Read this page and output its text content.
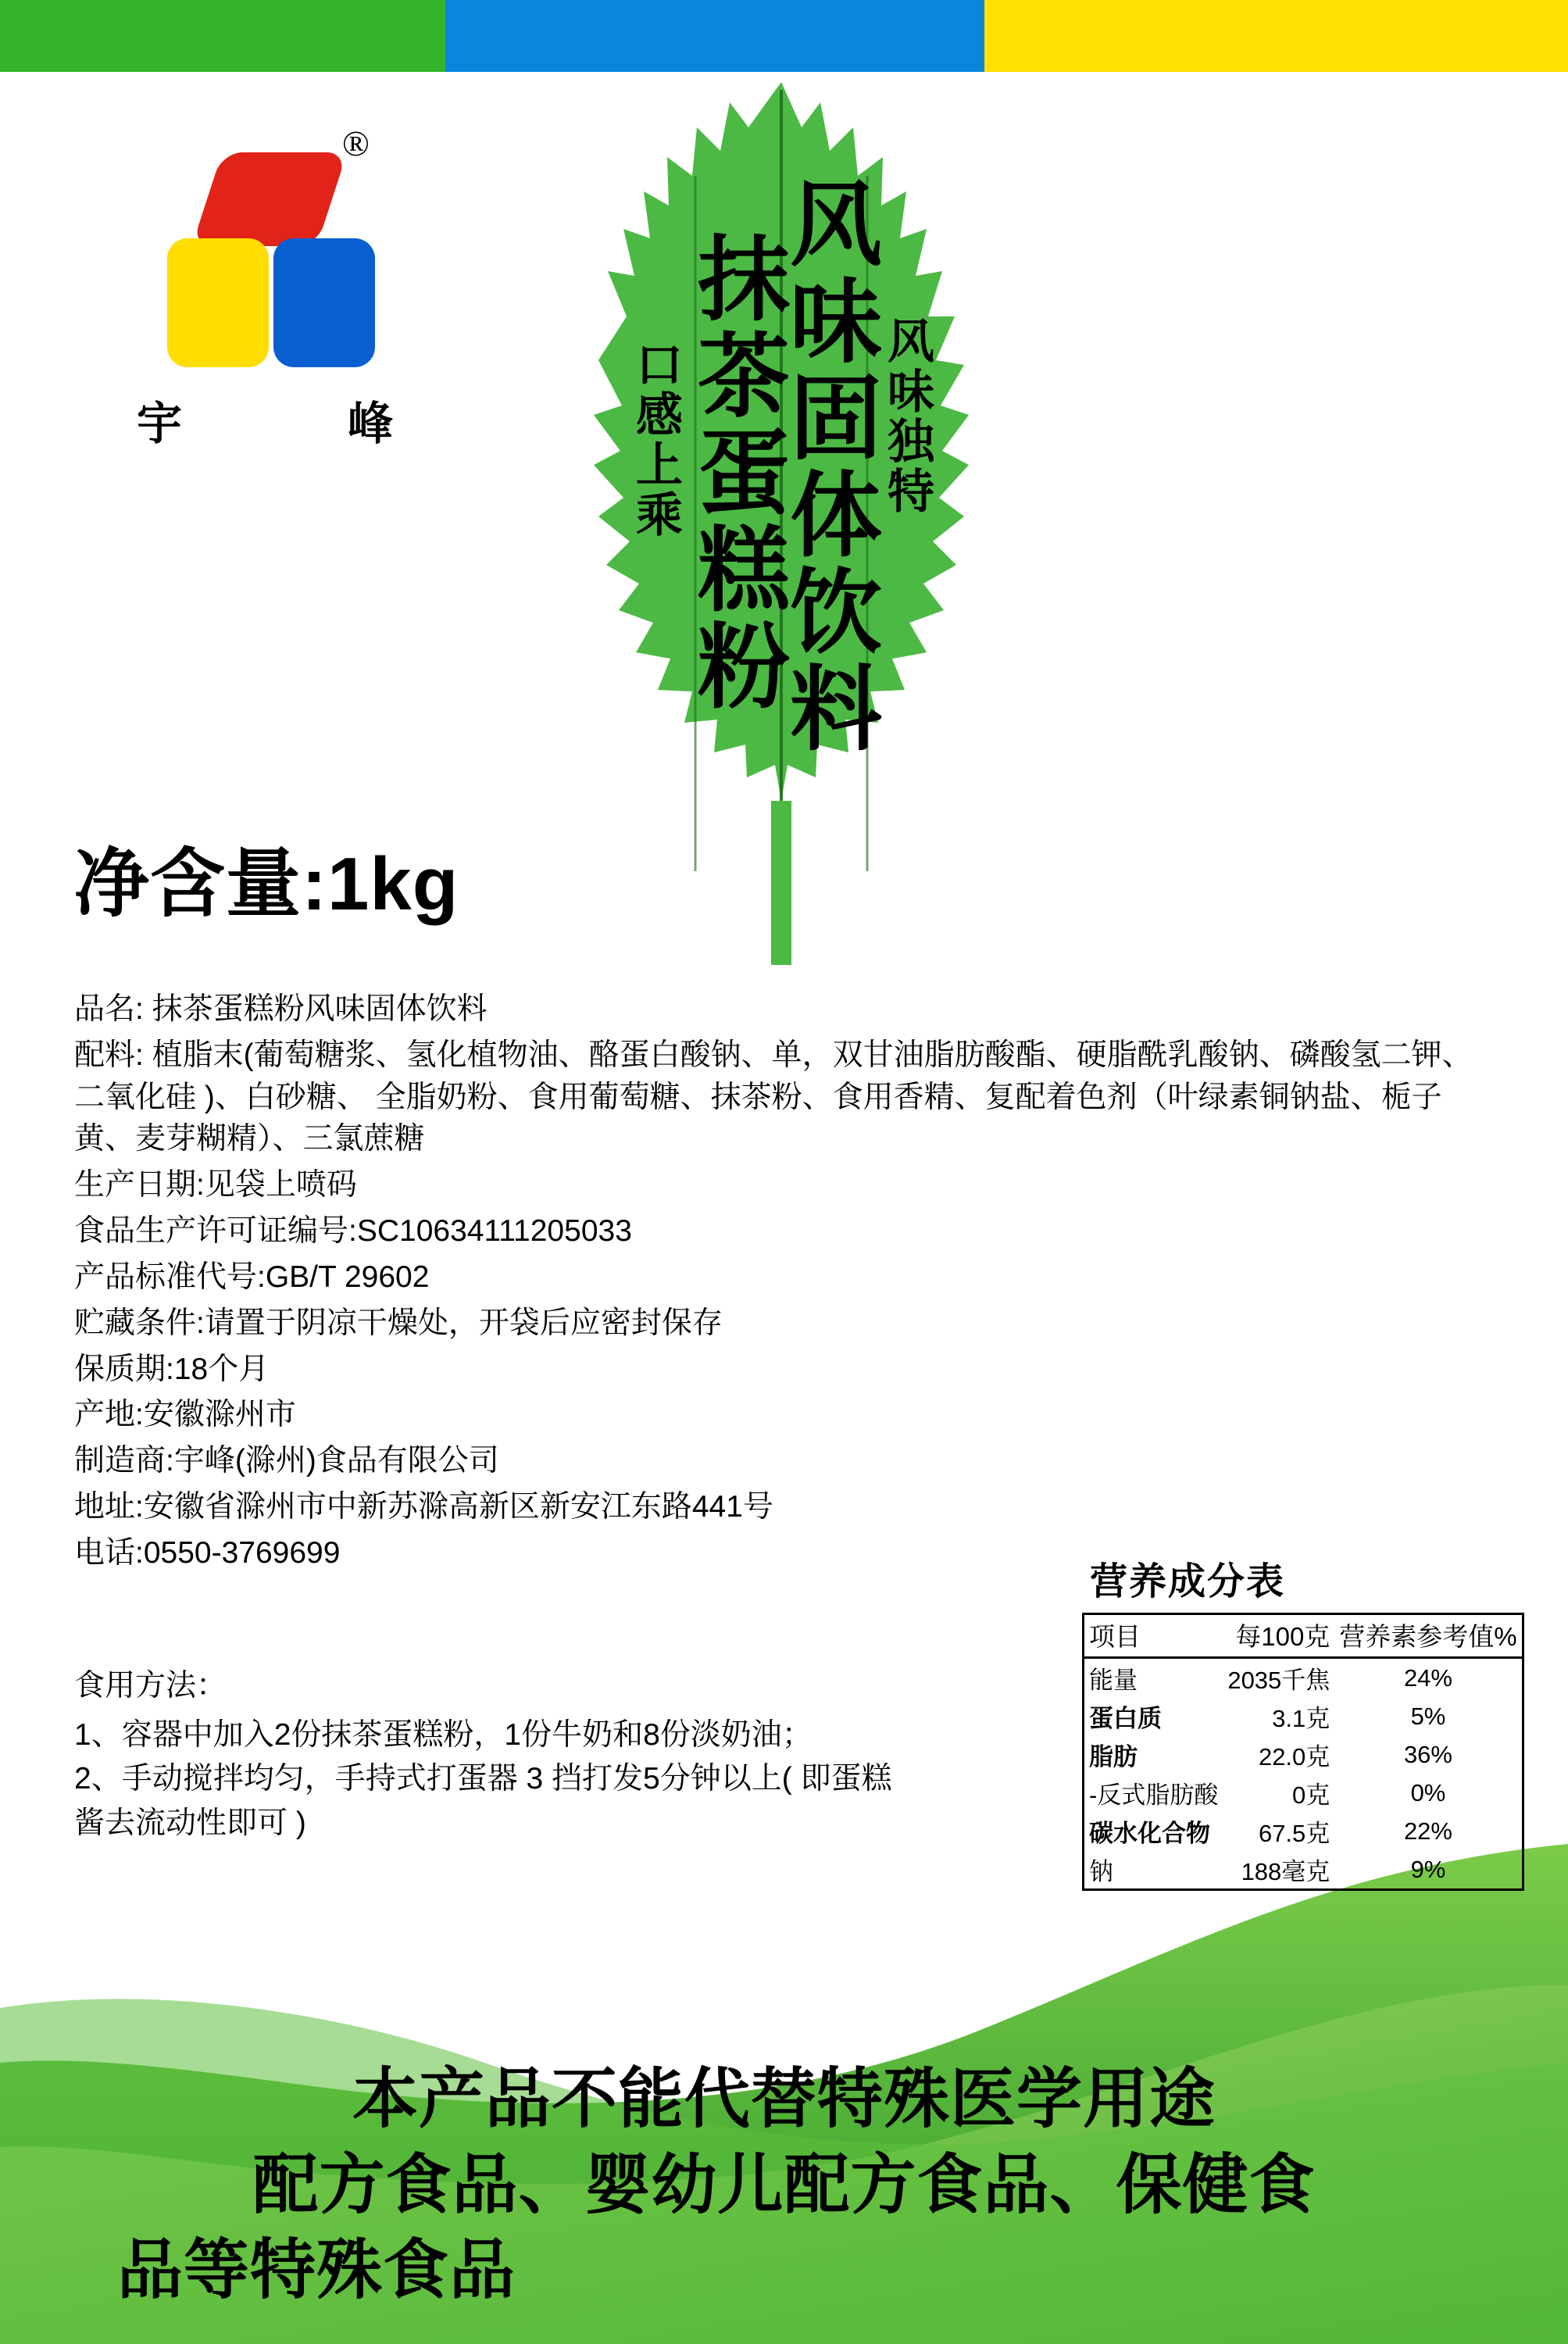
®
宇	峰	风味独特
风味固体饮料
抹茶蛋糕粉
口感上乘
净含量:1kg
品名: 抹茶蛋糕粉风味固体饮料
配料: 植脂末(葡萄糖浆、氢化植物油、酪蛋白酸钠、单，双甘油脂肪酸酯、硬脂酰乳酸钠、磷酸氢二钾、二氧化硅 )、白砂糖、 全脂奶粉、食用葡萄糖、抹茶粉、食用香精、复配着色剂（叶绿素铜钠盐、栀子黄、麦芽糊精）、三氯蔗糖
生产日期:见袋上喷码
食品生产许可证编号:SC10634111205033
产品标准代号:GB/T 29602
贮藏条件:请置于阴凉干燥处，开袋后应密封保存
保质期:18个月
产地:安徽滁州市
制造商:宇峰(滁州)食品有限公司
地址:安徽省滁州市中新苏滁高新区新安江东路441号
电话:0550-3769699
食用方法：
1、容器中加入2份抹茶蛋糕粉，1份牛奶和8份淡奶油；
2、手动搅拌均匀，手持式打蛋器 3 挡打发5分钟以上( 即蛋糕酱去流动性即可 )
营养成分表
项目	每100克	营养素参考值%
能量	2035千焦	24%
蛋白质	3.1克	5%
脂肪	22.0克	36%
-反式脂肪酸	0克	0%
碳水化合物	67.5克	22%
钠	188毫克	9%
本产品不能代替特殊医学用途
配方食品、婴幼儿配方食品、保健食
品等特殊食品
